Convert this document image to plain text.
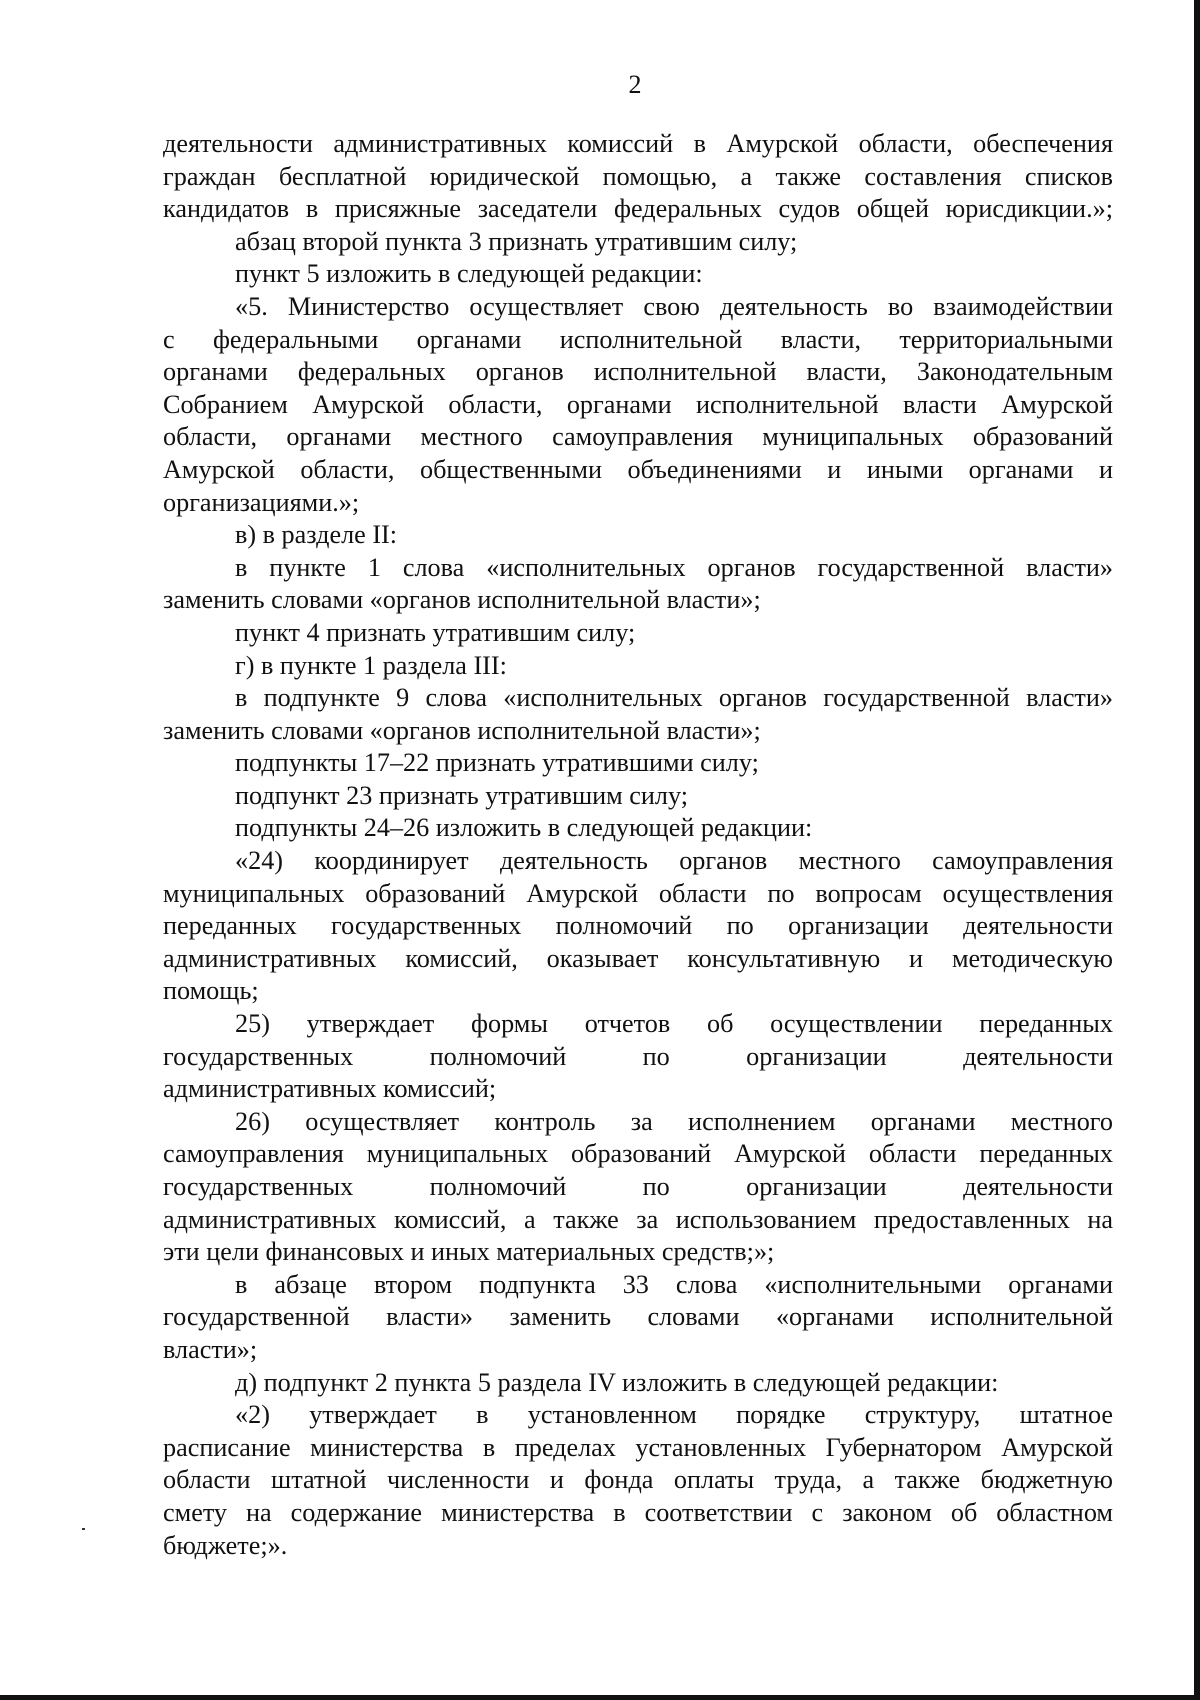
2
деятельности административных комиссий в Амурской области, обеспечения
граждан бесплатной юридической помощью, а также составления списков
кандидатов в присяжные заседатели федеральных судов общей юрисдикции.»;
абзац второй пункта 3 признать утратившим силу;
пункт 5 изложить в следующей редакции:
«5. Министерство осуществляет свою деятельность во взаимодействии
с федеральными органами исполнительной власти, территориальными
органами федеральных органов исполнительной власти, Законодательным
Собранием Амурской области, органами исполнительной власти Амурской
области, органами местного самоуправления муниципальных образований
Амурской области, общественными объединениями и иными органами и
организациями.»;
в) в разделе II:
в пункте 1 слова «исполнительных органов государственной власти»
заменить словами «органов исполнительной власти»;
пункт 4 признать утратившим силу;
г) в пункте 1 раздела III:
в подпункте 9 слова «исполнительных органов государственной власти»
заменить словами «органов исполнительной власти»;
подпункты 17–22 признать утратившими силу;
подпункт 23 признать утратившим силу;
подпункты 24–26 изложить в следующей редакции:
«24) координирует деятельность органов местного самоуправления
муниципальных образований Амурской области по вопросам осуществления
переданных государственных полномочий по организации деятельности
административных комиссий, оказывает консультативную и методическую
помощь;
25) утверждает формы отчетов об осуществлении переданных
государственных полномочий по организации деятельности
административных комиссий;
26) осуществляет контроль за исполнением органами местного
самоуправления муниципальных образований Амурской области переданных
государственных полномочий по организации деятельности
административных комиссий, а также за использованием предоставленных на
эти цели финансовых и иных материальных средств;»;
в абзаце втором подпункта 33 слова «исполнительными органами
государственной власти» заменить словами «органами исполнительной
власти»;
д) подпункт 2 пункта 5 раздела IV изложить в следующей редакции:
«2) утверждает в установленном порядке структуру, штатное
расписание министерства в пределах установленных Губернатором Амурской
области штатной численности и фонда оплаты труда, а также бюджетную
смету на содержание министерства в соответствии с законом об областном
бюджете;».
